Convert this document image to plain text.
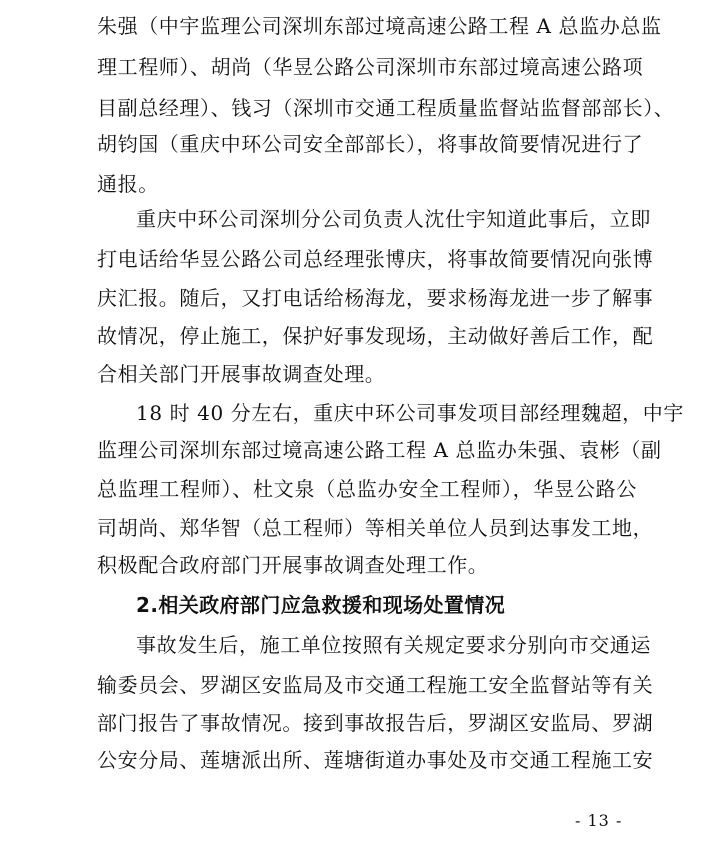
朱强（中宇监理公司深圳东部过境高速公路工程 A 总监办总监
理工程师）、胡尚（华昱公路公司深圳市东部过境高速公路项
目副总经理）、钱习（深圳市交通工程质量监督站监督部部长）、
胡钧国（重庆中环公司安全部部长），将事故简要情况进行了
通报。
重庆中环公司深圳分公司负责人沈仕宇知道此事后，立即
打电话给华昱公路公司总经理张博庆，将事故简要情况向张博
庆汇报。随后，又打电话给杨海龙，要求杨海龙进一步了解事
故情况，停止施工，保护好事发现场，主动做好善后工作，配
合相关部门开展事故调查处理。
18 时 40 分左右，重庆中环公司事发项目部经理魏超，中宇
监理公司深圳东部过境高速公路工程 A 总监办朱强、袁彬（副
总监理工程师）、杜文泉（总监办安全工程师），华昱公路公
司胡尚、郑华智（总工程师）等相关单位人员到达事发工地，
积极配合政府部门开展事故调查处理工作。
2.相关政府部门应急救援和现场处置情况
事故发生后，施工单位按照有关规定要求分别向市交通运
输委员会、罗湖区安监局及市交通工程施工安全监督站等有关
部门报告了事故情况。接到事故报告后，罗湖区安监局、罗湖
公安分局、莲塘派出所、莲塘街道办事处及市交通工程施工安
- 13 -
